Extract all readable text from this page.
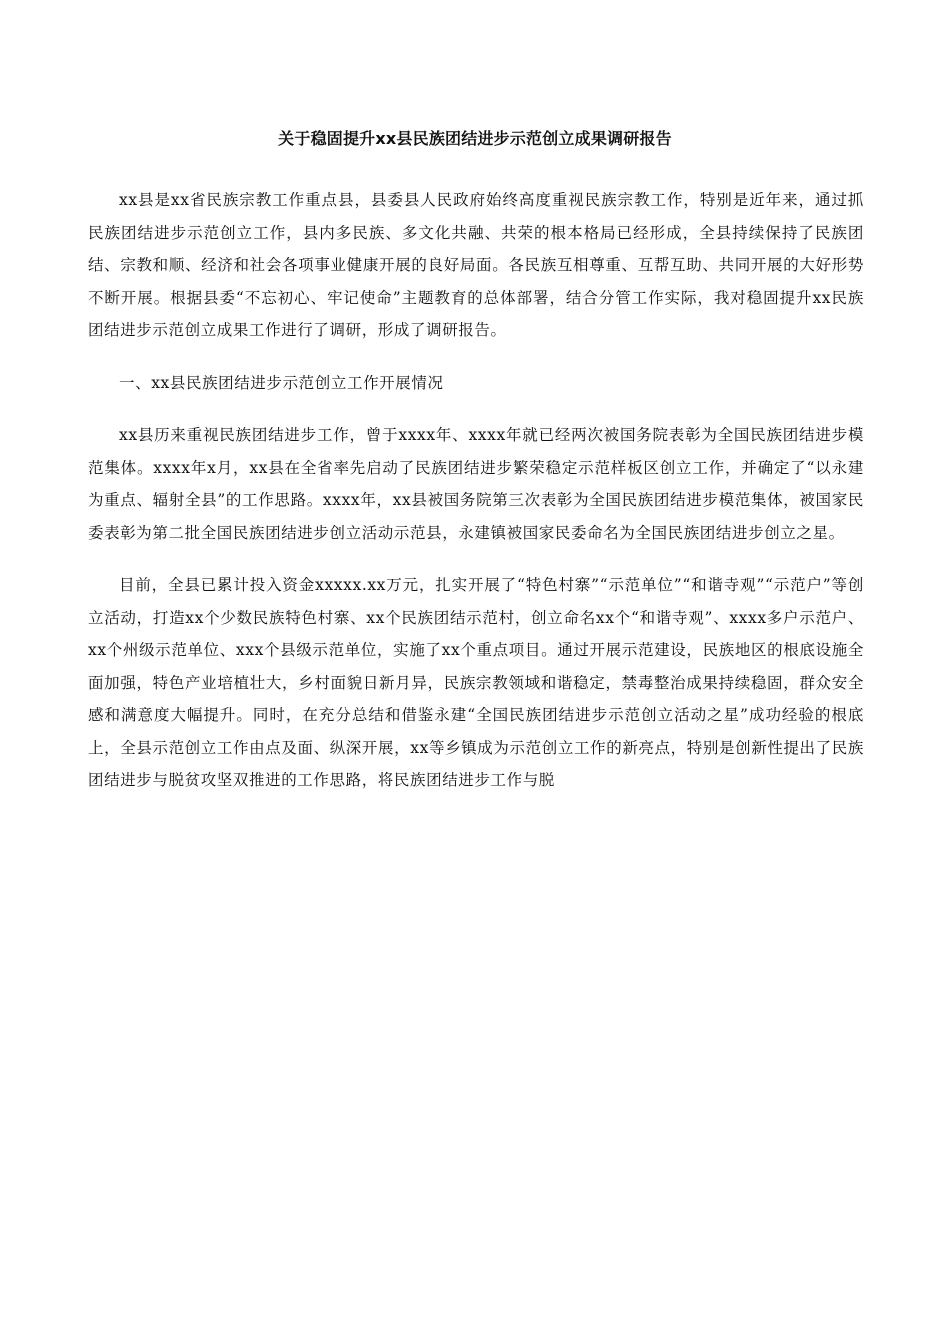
关于稳固提升xx县民族团结进步示范创立成果调研报告

xx县是xx省民族宗教工作重点县，县委县人民政府始终高度重视民族宗教工作，特别是近年来，通过抓民族团结进步示范创立工作，县内多民族、多文化共融、共荣的根本格局已经形成，全县持续保持了民族团结、宗教和顺、经济和社会各项事业健康开展的良好局面。各民族互相尊重、互帮互助、共同开展的大好形势不断开展。根据县委“不忘初心、牢记使命”主题教育的总体部署，结合分管工作实际，我对稳固提升xx民族团结进步示范创立成果工作进行了调研，形成了调研报告。

一、xx县民族团结进步示范创立工作开展情况

xx县历来重视民族团结进步工作，曾于xxxx年、xxxx年就已经两次被国务院表彰为全国民族团结进步模范集体。xxxx年x月，xx县在全省率先启动了民族团结进步繁荣稳定示范样板区创立工作，并确定了“以永建为重点、辐射全县”的工作思路。xxxx年，xx县被国务院第三次表彰为全国民族团结进步模范集体，被国家民委表彰为第二批全国民族团结进步创立活动示范县，永建镇被国家民委命名为全国民族团结进步创立之星。

目前，全县已累计投入资金xxxxx.xx万元，扎实开展了“特色村寨”“示范单位”“和谐寺观”“示范户”等创立活动，打造xx个少数民族特色村寨、xx个民族团结示范村，创立命名xx个“和谐寺观”、xxxx多户示范户、xx个州级示范单位、xxx个县级示范单位，实施了xx个重点项目。通过开展示范建设，民族地区的根底设施全面加强，特色产业培植壮大，乡村面貌日新月异，民族宗教领域和谐稳定，禁毒整治成果持续稳固，群众安全感和满意度大幅提升。同时，在充分总结和借鉴永建“全国民族团结进步示范创立活动之星”成功经验的根底上，全县示范创立工作由点及面、纵深开展，xx等乡镇成为示范创立工作的新亮点，特别是创新性提出了民族团结进步与脱贫攻坚双推进的工作思路，将民族团结进步工作与脱
